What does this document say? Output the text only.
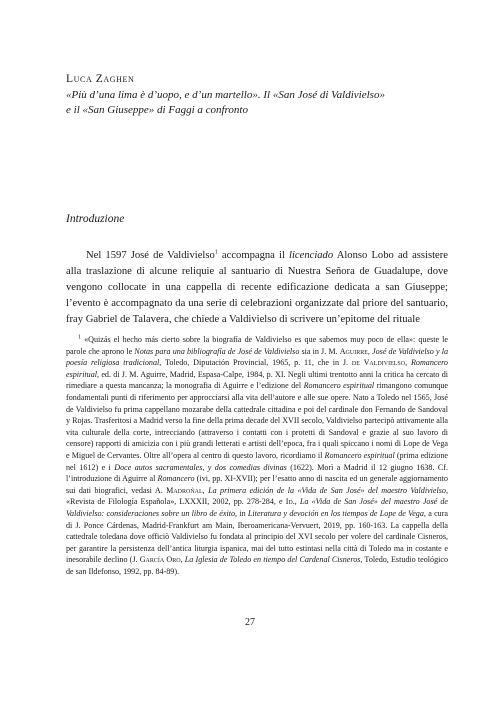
Luca Zaghen
«Più d’una lima è d’uopo, e d’un martello». Il «San José di Valdivielso»
e il «San Giuseppe» di Faggi a confronto
Introduzione

Nel 1597 José de Valdivielso$^1$ accompagna il licenciado Alonso Lobo ad assistere alla traslazione di alcune reliquie al santuario di Nuestra Señora de Guadalupe, dove vengono collocate in una cappella di recente edificazione dedicata a san Giuseppe; l’evento è accompagnato da una serie di celebrazioni organizzate dal priore del santuario, fray Gabriel de Talavera, che chiede a Valdivielso di scrivere un’epitome del rituale

$^1$ «Quizás el hecho más cierto sobre la biografía de Valdivielso es que sabemos muy poco de ella»: queste le parole che aprono le Notas para una bibliografía de José de Valdivielso sia in J. M. Aguirre, José de Valdivielso y la poesía religiosa tradicional, Toledo, Diputación Provincial, 1965, p. 11, che in J. de Valdivielso, Romancero espiritual, ed. di J. M. Aguirre, Madrid, Espasa-Calpe, 1984, p. XI. Negli ultimi trentotto anni la critica ha cercato di rimediare a questa mancanza; la monografia di Aguirre e l’edizione del Romancero espiritual rimangono comunque fondamentali punti di riferimento per approcciarsi alla vita dell’autore e alle sue opere. Nato a Toledo nel 1565, José de Valdivielso fu prima cappellano mozarabe della cattedrale cittadina e poi del cardinale don Fernando de Sandoval y Rojas. Trasferitosi a Madrid verso la fine della prima decade del XVII secolo, Valdivielso partecipò attivamente alla vita culturale della corte, intrecciando (attraverso i contatti con i protetti di Sandoval e grazie al suo lavoro di censore) rapporti di amicizia con i più grandi letterati e artisti dell’epoca, fra i quali spiccano i nomi di Lope de Vega e Miguel de Cervantes. Oltre all’opera al centro di questo lavoro, ricordiamo il Romancero espiritual (prima edizione nel 1612) e i Doce autos sacramentales, y dos comedias divinas (1622). Morì a Madrid il 12 giugno 1638. Cf. l’introduzione di Aguirre al Romancero (ivi, pp. XI-XVII); per l’esatto anno di nascita ed un generale aggiornamento sui dati biografici, vedasi A. Madroñal, La primera edición de la «Vida de San José» del maestro Valdivielso, «Revista de Filología Española», LXXXII, 2002, pp. 278-284, e Id., La «Vida de San José» del maestro José de Valdivielso: consideraciones sobre un libro de éxito, in Literatura y devoción en los tiempos de Lope de Vega, a cura di J. Ponce Cárdenas, Madrid-Frankfurt am Main, Iberoamericana-Vervuert, 2019, pp. 160-163. La cappella della cattedrale toledana dove officiò Valdivielso fu fondata al principio del XVI secolo per volere del cardinale Cisneros, per garantire la persistenza dell’antica liturgia ispanica, mai del tutto estintasi nella città di Toledo ma in costante e inesorabile declino (J. García Oro, La Iglesia de Toledo en tiempo del Cardenal Cisneros, Toledo, Estudio teológico de san Ildefonso, 1992, pp. 84-89).

27
